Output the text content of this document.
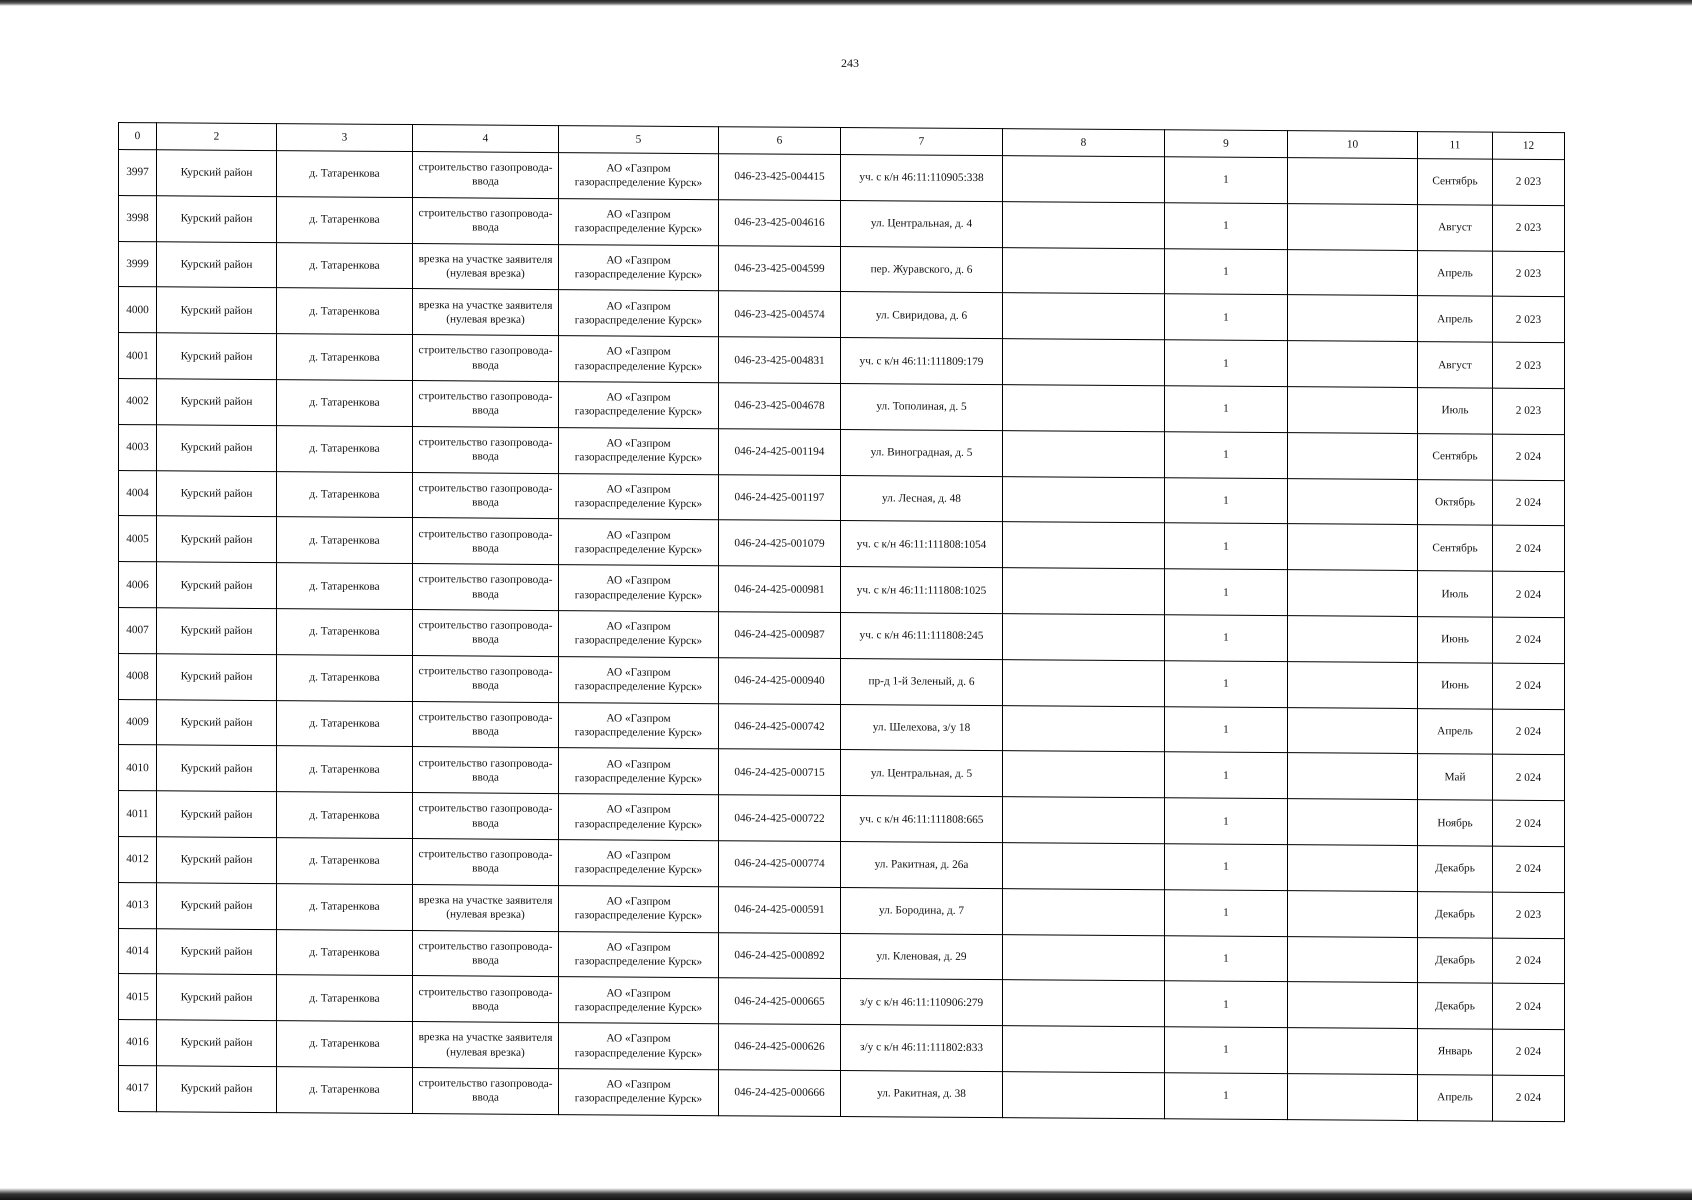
243
0	2	3	4	5	6	7	8	9	10	11	12
3997	Курский район	д. Татаренкова	строительство газопровода-ввода	АО «Газпром газораспределение Курск»	046-23-425-004415	уч. с к/н 46:11:110905:338		1		Сентябрь	2 023
3998	Курский район	д. Татаренкова	строительство газопровода-ввода	АО «Газпром газораспределение Курск»	046-23-425-004616	ул. Центральная, д. 4		1		Август	2 023
3999	Курский район	д. Татаренкова	врезка на участке заявителя (нулевая врезка)	АО «Газпром газораспределение Курск»	046-23-425-004599	пер. Журавского, д. 6		1		Апрель	2 023
4000	Курский район	д. Татаренкова	врезка на участке заявителя (нулевая врезка)	АО «Газпром газораспределение Курск»	046-23-425-004574	ул. Свиридова, д. 6		1		Апрель	2 023
4001	Курский район	д. Татаренкова	строительство газопровода-ввода	АО «Газпром газораспределение Курск»	046-23-425-004831	уч. с к/н 46:11:111809:179		1		Август	2 023
4002	Курский район	д. Татаренкова	строительство газопровода-ввода	АО «Газпром газораспределение Курск»	046-23-425-004678	ул. Тополиная, д. 5		1		Июль	2 023
4003	Курский район	д. Татаренкова	строительство газопровода-ввода	АО «Газпром газораспределение Курск»	046-24-425-001194	ул. Виноградная, д. 5		1		Сентябрь	2 024
4004	Курский район	д. Татаренкова	строительство газопровода-ввода	АО «Газпром газораспределение Курск»	046-24-425-001197	ул. Лесная, д. 48		1		Октябрь	2 024
4005	Курский район	д. Татаренкова	строительство газопровода-ввода	АО «Газпром газораспределение Курск»	046-24-425-001079	уч. с к/н 46:11:111808:1054		1		Сентябрь	2 024
4006	Курский район	д. Татаренкова	строительство газопровода-ввода	АО «Газпром газораспределение Курск»	046-24-425-000981	уч. с к/н 46:11:111808:1025		1		Июль	2 024
4007	Курский район	д. Татаренкова	строительство газопровода-ввода	АО «Газпром газораспределение Курск»	046-24-425-000987	уч. с к/н 46:11:111808:245		1		Июнь	2 024
4008	Курский район	д. Татаренкова	строительство газопровода-ввода	АО «Газпром газораспределение Курск»	046-24-425-000940	пр-д 1-й Зеленый, д. 6		1		Июнь	2 024
4009	Курский район	д. Татаренкова	строительство газопровода-ввода	АО «Газпром газораспределение Курск»	046-24-425-000742	ул. Шелехова, з/у 18		1		Апрель	2 024
4010	Курский район	д. Татаренкова	строительство газопровода-ввода	АО «Газпром газораспределение Курск»	046-24-425-000715	ул. Центральная, д. 5		1		Май	2 024
4011	Курский район	д. Татаренкова	строительство газопровода-ввода	АО «Газпром газораспределение Курск»	046-24-425-000722	уч. с к/н 46:11:111808:665		1		Ноябрь	2 024
4012	Курский район	д. Татаренкова	строительство газопровода-ввода	АО «Газпром газораспределение Курск»	046-24-425-000774	ул. Ракитная, д. 26а		1		Декабрь	2 024
4013	Курский район	д. Татаренкова	врезка на участке заявителя (нулевая врезка)	АО «Газпром газораспределение Курск»	046-24-425-000591	ул. Бородина, д. 7		1		Декабрь	2 023
4014	Курский район	д. Татаренкова	строительство газопровода-ввода	АО «Газпром газораспределение Курск»	046-24-425-000892	ул. Кленовая, д. 29		1		Декабрь	2 024
4015	Курский район	д. Татаренкова	строительство газопровода-ввода	АО «Газпром газораспределение Курск»	046-24-425-000665	з/у с к/н 46:11:110906:279		1		Декабрь	2 024
4016	Курский район	д. Татаренкова	врезка на участке заявителя (нулевая врезка)	АО «Газпром газораспределение Курск»	046-24-425-000626	з/у с к/н 46:11:111802:833		1		Январь	2 024
4017	Курский район	д. Татаренкова	строительство газопровода-ввода	АО «Газпром газораспределение Курск»	046-24-425-000666	ул. Ракитная, д. 38		1		Апрель	2 024
